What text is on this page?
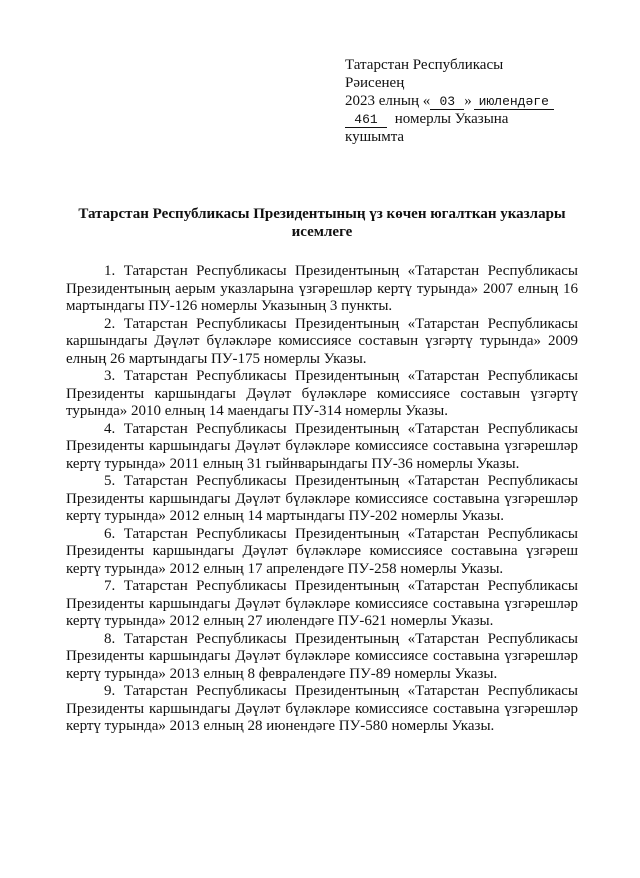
Татарстан Республикасы
Рәисенең
2023 елның « 03 » июлендәге
461 номерлы Указына
кушымта
Татарстан Республикасы Президентының үз көчен югалткан указлары исемлеге

1. Татарстан Республикасы Президентының «Татарстан Республикасы Президентының аерым указларына үзгәрешләр кертү турында» 2007 елның 16 мартындагы ПУ-126 номерлы Указының 3 пункты.

2. Татарстан Республикасы Президентының «Татарстан Республикасы каршындагы Дәүләт бүләкләре комиссиясе составын үзгәртү турында» 2009 елның 26 мартындагы ПУ-175 номерлы Указы.

3. Татарстан Республикасы Президентының «Татарстан Республикасы Президенты каршындагы Дәүләт бүләкләре комиссиясе составын үзгәртү турында» 2010 елның 14 маендагы ПУ-314 номерлы Указы.

4. Татарстан Республикасы Президентының «Татарстан Республикасы Президенты каршындагы Дәүләт бүләкләре комиссиясе составына үзгәрешләр кертү турында» 2011 елның 31 гыйнварындагы ПУ-36 номерлы Указы.

5. Татарстан Республикасы Президентының «Татарстан Республикасы Президенты каршындагы Дәүләт бүләкләре комиссиясе составына үзгәрешләр кертү турында» 2012 елның 14 мартындагы ПУ-202 номерлы Указы.

6. Татарстан Республикасы Президентының «Татарстан Республикасы Президенты каршындагы Дәүләт бүләкләре комиссиясе составына үзгәреш кертү турында» 2012 елның 17 апрелендәге ПУ-258 номерлы Указы.

7. Татарстан Республикасы Президентының «Татарстан Республикасы Президенты каршындагы Дәүләт бүләкләре комиссиясе составына үзгәрешләр кертү турында» 2012 елның 27 июлендәге ПУ-621 номерлы Указы.

8. Татарстан Республикасы Президентының «Татарстан Республикасы Президенты каршындагы Дәүләт бүләкләре комиссиясе составына үзгәрешләр кертү турында» 2013 елның 8 февралендәге ПУ-89 номерлы Указы.

9. Татарстан Республикасы Президентының «Татарстан Республикасы Президенты каршындагы Дәүләт бүләкләре комиссиясе составына үзгәрешләр кертү турында» 2013 елның 28 июнендәге ПУ-580 номерлы Указы.
